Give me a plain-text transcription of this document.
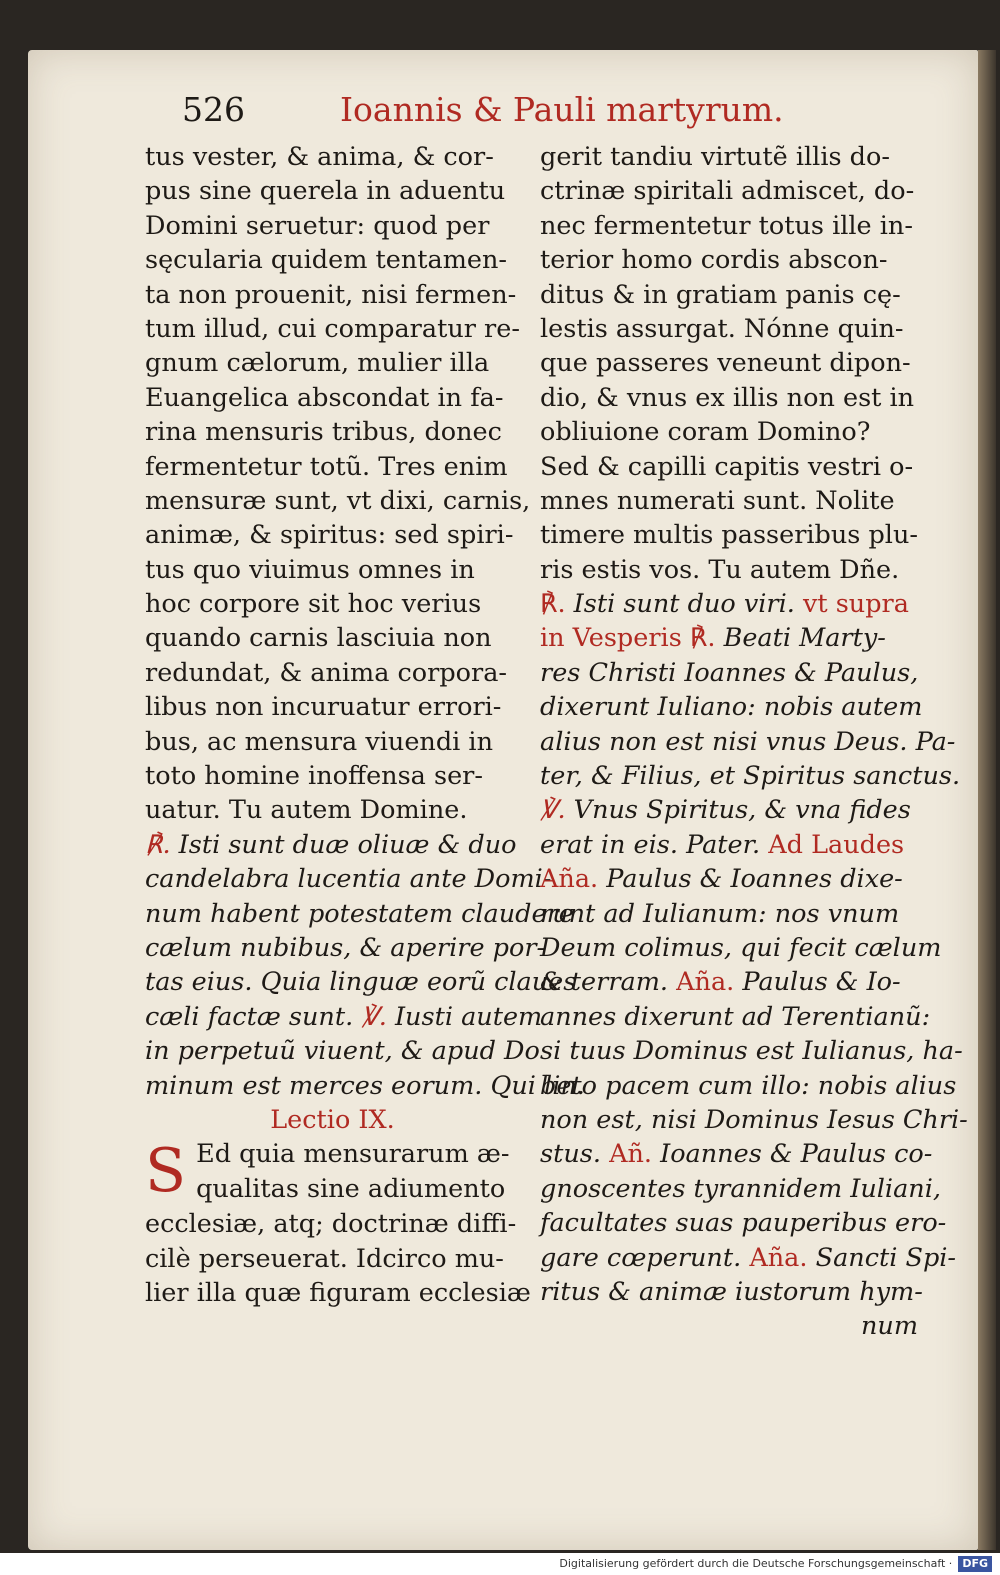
526	Ioannis & Pauli martyrum.
tus vester, & anima, & cor-
pus sine querela in aduentu
Domini seruetur: quod per
sęcularia quidem tentamen-
ta non prouenit, nisi fermen-
tum illud, cui comparatur re-
gnum cælorum, mulier illa
Euangelica abscondat in fa-
rina mensuris tribus, donec
fermentetur totũ. Tres enim
mensuræ sunt, vt dixi, carnis,
animæ, & spiritus: sed spiri-
tus quo viuimus omnes in
hoc corpore sit hoc verius
quando carnis lasciuia non
redundat, & anima corpora-
libus non incuruatur errori-
bus, ac mensura viuendi in
toto homine inoffensa ser-
uatur. Tu autem Domine.
℟. Isti sunt duæ oliuæ & duo
candelabra lucentia ante Domi-
num habent potestatem claudere
cælum nubibus, & aperire por-
tas eius. Quia linguæ eorũ claues
cæli factæ sunt. ℣. Iusti autem
in perpetuũ viuent, & apud Do
minum est merces eorum. Qui lin.
Lectio IX.
S Ed quia mensurarum æ-
qualitas sine adiumento
ecclesiæ, atq; doctrinæ diffi-
cilè perseuerat. Idcirco mu-
lier illa quæ figuram ecclesiæ
gerit tandiu virtutẽ illis do-
ctrinæ spiritali admiscet, do-
nec fermentetur totus ille in-
terior homo cordis abscon-
ditus & in gratiam panis cę-
lestis assurgat. Nónne quin-
que passeres veneunt dipon-
dio, & vnus ex illis non est in
obliuione coram Domino?
Sed & capilli capitis vestri o-
mnes numerati sunt. Nolite
timere multis passeribus plu-
ris estis vos. Tu autem Dñe.
℟. Isti sunt duo viri. vt supra
in Vesperis ℟. Beati Marty-
res Christi Ioannes & Paulus,
dixerunt Iuliano: nobis autem
alius non est nisi vnus Deus. Pa-
ter, & Filius, et Spiritus sanctus.
℣. Vnus Spiritus, & vna fides
erat in eis. Pater. Ad Laudes
Aña. Paulus & Ioannes dixe-
runt ad Iulianum: nos vnum
Deum colimus, qui fecit cælum
& terram. Aña. Paulus & Io-
annes dixerunt ad Terentianũ:
si tuus Dominus est Iulianus, ha-
beto pacem cum illo: nobis alius
non est, nisi Dominus Iesus Chri-
stus. Añ. Ioannes & Paulus co-
gnoscentes tyrannidem Iuliani,
facultates suas pauperibus ero-
gare cœperunt. Aña. Sancti Spi-
ritus & animæ iustorum hym-
num
Digitalisierung gefördert durch die Deutsche Forschungsgemeinschaft · DFG
